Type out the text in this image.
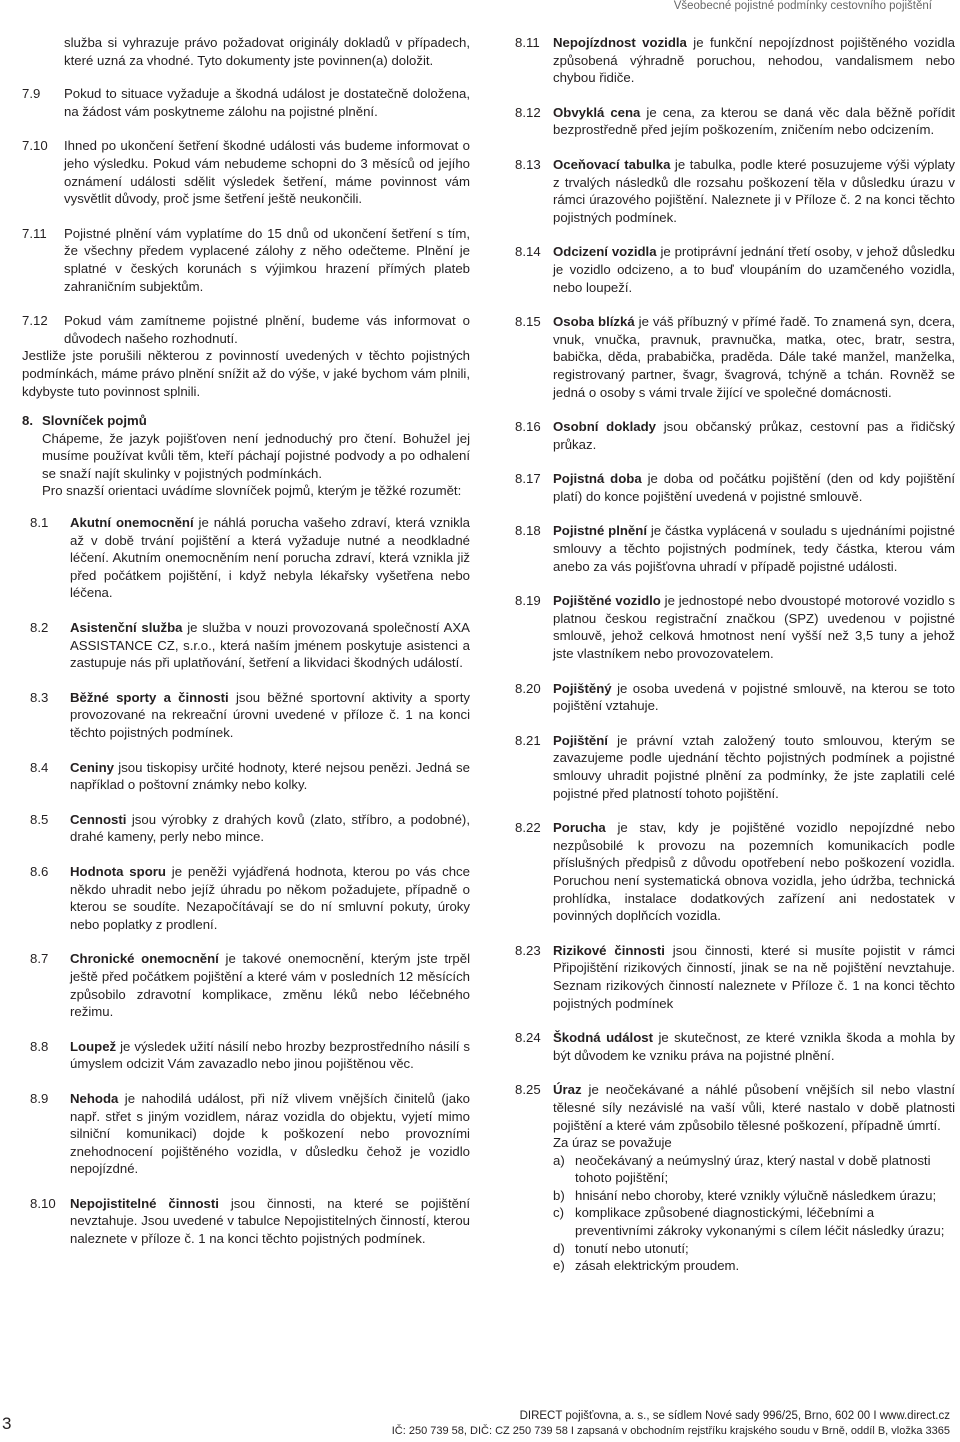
Všeobecné pojistné podmínky cestovního pojištění
služba si vyhrazuje právo požadovat originály dokladů v případech, které uzná za vhodné. Tyto dokumenty jste povinnen(a) doložit.
7.9	Pokud to situace vyžaduje a škodná událost je dostatečně doložena, na žádost vám poskytneme zálohu na pojistné plnění.
7.10	Ihned po ukončení šetření škodné události vás budeme informovat o jeho výsledku. Pokud vám nebudeme schopni do 3 měsíců od jejího oznámení události sdělit výsledek šetření, máme povinnost vám vysvětlit důvody, proč jsme šetření ještě neukončili.
7.11	Pojistné plnění vám vyplatíme do 15 dnů od ukončení šetření s tím, že všechny předem vyplacené zálohy z něho odečteme. Plnění je splatné v českých korunách s výjimkou hrazení přímých plateb zahraničním subjektům.
7.12	Pokud vám zamítneme pojistné plnění, budeme vás informovat o důvodech našeho rozhodnutí.
Jestliže jste porušili některou z povinností uvedených v těchto pojistných podmínkách, máme právo plnění snížit až do výše, v jaké bychom vám plnili, kdybyste tuto povinnost splnili.
8. Slovníček pojmů
Chápeme, že jazyk pojišťoven není jednoduchý pro čtení. Bohužel jej musíme používat kvůli těm, kteří páchají pojistné podvody a po odhalení se snaží najít skulinky v pojistných podmínkách.
Pro snazší orientaci uvádíme slovníček pojmů, kterým je těžké rozumět:
8.1	Akutní onemocnění je náhlá porucha vašeho zdraví, která vznikla až v době trvání pojištění a která vyžaduje nutné a neodkladné léčení. Akutním onemocněním není porucha zdraví, která vznikla již před počátkem pojištění, i když nebyla lékařsky vyšetřena nebo léčena.
8.2	Asistenční služba je služba v nouzi provozovaná společností AXA ASSISTANCE CZ, s.r.o., která naším jménem poskytuje asistenci a zastupuje nás při uplatňování, šetření a likvidaci škodných událostí.
8.3	Běžné sporty a činnosti jsou běžné sportovní aktivity a sporty provozované na rekreační úrovni uvedené v příloze č. 1 na konci těchto pojistných podmínek.
8.4	Ceniny jsou tiskopisy určité hodnoty, které nejsou penězi. Jedná se například o poštovní známky nebo kolky.
8.5	Cennosti jsou výrobky z drahých kovů (zlato, stříbro, a podobné), drahé kameny, perly nebo mince.
8.6	Hodnota sporu je peněži vyjádřená hodnota, kterou po vás chce někdo uhradit nebo jejíž úhradu po někom požadujete, případně o kterou se soudíte. Nezapočítávají se do ní smluvní pokuty, úroky nebo poplatky z prodlení.
8.7	Chronické onemocnění je takové onemocnění, kterým jste trpěl ještě před počátkem pojištění a které vám v posledních 12 měsících způsobilo zdravotní komplikace, změnu léků nebo léčebného režimu.
8.8	Loupež je výsledek užití násilí nebo hrozby bezprostředního násilí s úmyslem odcizit Vám zavazadlo nebo jinou pojištěnou věc.
8.9	Nehoda je nahodilá událost, při níž vlivem vnějších činitelů (jako např. střet s jiným vozidlem, náraz vozidla do objektu, vyjetí mimo silniční komunikaci) dojde k poškození nebo provozními znehodnocení pojištěného vozidla, v důsledku čehož je vozidlo nepojízdné.
8.10	Nepojistitelné činnosti jsou činnosti, na které se pojištění nevztahuje. Jsou uvedené v tabulce Nepojistitelných činností, kterou naleznete v příloze č. 1 na konci těchto pojistných podmínek.
8.11	Nepojízdnost vozidla je funkční nepojízdnost pojištěného vozidla způsobená výhradně poruchou, nehodou, vandalismem nebo chybou řidiče.
8.12 Obvyklá cena je cena, za kterou se daná věc dala běžně pořídit bezprostředně před jejím poškozením, zničením nebo odcizením.
8.13 Oceňovací tabulka je tabulka, podle které posuzujeme výši výplaty z trvalých následků dle rozsahu poškození těla v důsledku úrazu v rámci úrazového pojištění. Naleznete ji v Příloze č. 2 na konci těchto pojistných podmínek.
8.14 Odcizení vozidla je protiprávní jednání třetí osoby, v jehož důsledku je vozidlo odcizeno, a to buď vloupáním do uzamčeného vozidla, nebo loupeží.
8.15 Osoba blízká je váš příbuzný v přímé řadě. To znamená syn, dcera, vnuk, vnučka, pravnuk, pravnučka, matka, otec, bratr, sestra, babička, děda, prababička, praděda. Dále také manžel, manželka, registrovaný partner, švagr, švagrová, tchýně a tchán. Rovněž se jedná o osoby s vámi trvale žijící ve společné domácnosti.
8.16 Osobní doklady jsou občanský průkaz, cestovní pas a řidičský průkaz.
8.17 Pojistná doba je doba od počátku pojištění (den od kdy pojištění platí) do konce pojištění uvedená v pojistné smlouvě.
8.18 Pojistné plnění je částka vyplácená v souladu s ujednáními pojistné smlouvy a těchto pojistných podmínek, tedy částka, kterou vám anebo za vás pojišťovna uhradí v případě pojistné události.
8.19 Pojištěné vozidlo je jednostopé nebo dvoustopé motorové vozidlo s platnou českou registrační značkou (SPZ) uvedenou v pojistné smlouvě, jehož celková hmotnost není vyšší než 3,5 tuny a jehož jste vlastníkem nebo provozovatelem.
8.20 Pojištěný je osoba uvedená v pojistné smlouvě, na kterou se toto pojištění vztahuje.
8.21 Pojištění je právní vztah založený touto smlouvou, kterým se zavazujeme podle ujednání těchto pojistných podmínek a pojistné smlouvy uhradit pojistné plnění za podmínky, že jste zaplatili celé pojistné před platností tohoto pojištění.
8.22 Porucha je stav, kdy je pojištěné vozidlo nepojízdné nebo nezpůsobilé k provozu na pozemních komunikacích podle příslušných předpisů z důvodu opotřebení nebo poškození vozidla. Poruchou není systematická obnova vozidla, jeho údržba, technická prohlídka, instalace dodatkových zařízení ani nedostatek v povinných doplňcích vozidla.
8.23 Rizikové činnosti jsou činnosti, které si musíte pojistit v rámci Připojištění rizikových činností, jinak se na ně pojištění nevztahuje. Seznam rizikových činností naleznete v Příloze č. 1 na konci těchto pojistných podmínek
8.24 Škodná událost je skutečnost, ze které vznikla škoda a mohla by být důvodem ke vzniku práva na pojistné plnění.
8.25 Úraz je neočekávané a náhlé působení vnějších sil nebo vlastní tělesné síly nezávislé na vaší vůli, které nastalo v době platnosti pojištění a které vám způsobilo tělesné poškození, případně úmrtí.
Za úraz se považuje
a) neočekávaný a neúmyslný úraz, který nastal v době platnosti tohoto pojištění;
b) hnisání nebo choroby, které vznikly výlučně následkem úrazu;
c) komplikace způsobené diagnostickými, léčebními a preventivními zákroky vykonanými s cílem léčit následky úrazu;
d) tonutí nebo utonutí;
e) zásah elektrickým proudem.
3	DIRECT pojišťovna, a. s., se sídlem Nové sady 996/25, Brno, 602 00 I www.direct.cz
IČ: 250 739 58, DIČ: CZ 250 739 58 I zapsaná v obchodním rejstříku krajského soudu v Brně, oddíl B, vložka 3365
